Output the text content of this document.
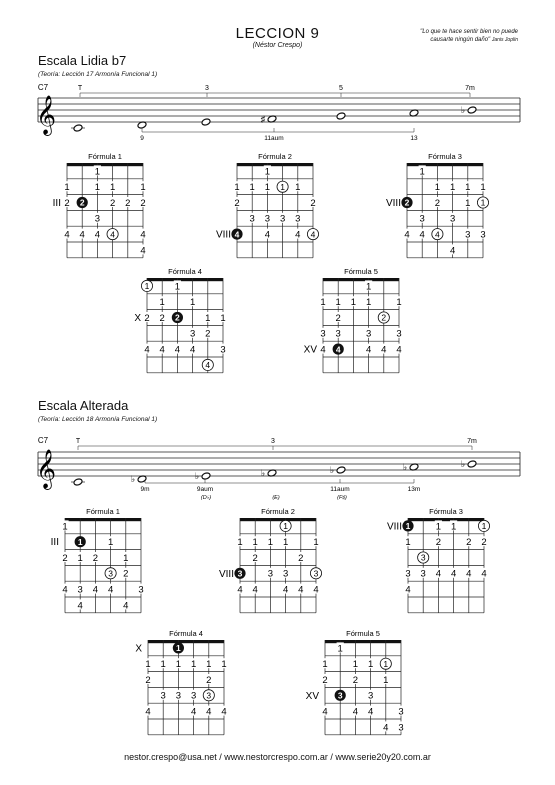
LECCION 9
(Néstor Crespo)
"Lo que te hace sentir bien no puede
causarte ningún daño" Janis Joplin
Escala Lidia b7
(Teoría: Lección 17 Armonía Funcional 1)
Escala Alterada
(Teoría: Lección 18 Armonía Funcional 1)
𝄞
C7	T	3	5	7m
9	11aum	13
♯
♭
𝄞
C7	T	3	7m
9m	9aum	11aum	13m
(D♭)	(E)	(F♯)
♭	♭	♭	♭	♭	♭
Fórmula 1
III
1
1	1 1	1
2 2	2 2 2
3
4 4 4 4	4
4
Fórmula 2
VIII
1
1 1 1 1 1
2	2
3 3 3 3
4	4	4 4
Fórmula 3
VIII
1
1 1 1 1
2	2	1 1
3	3
4 4 4	3 3
4
Fórmula 4
X
1	1
1	1
2 2 2	1 1
3 2
4 4 4 4	3
4
Fórmula 5
XV
1
1 1 1 1	1
2	2
3 3	3	3
4 4	4 4 4
Fórmula 1
III
1
1	1
2 1 2	1
3 2
4 3 4 4	3
4	4
Fórmula 2
VIII
1
1 1 1 1	1
2	2
3	3 3	3
4 4	4 4 4
Fórmula 3
VIII 1	1 1	1
1	2	2 2
3
3 3 4 4 4 4
4
Fórmula 4
X	1
1 1 1 1 1 1
2	2
3 3 3 3
4	4 4 4
Fórmula 5
XV
1
1	1 1 1
2	2	1
3	3
4	4 4	3
4 3
nestor.crespo@usa.net / www.nestorcrespo.com.ar / www.serie20y20.com.ar
